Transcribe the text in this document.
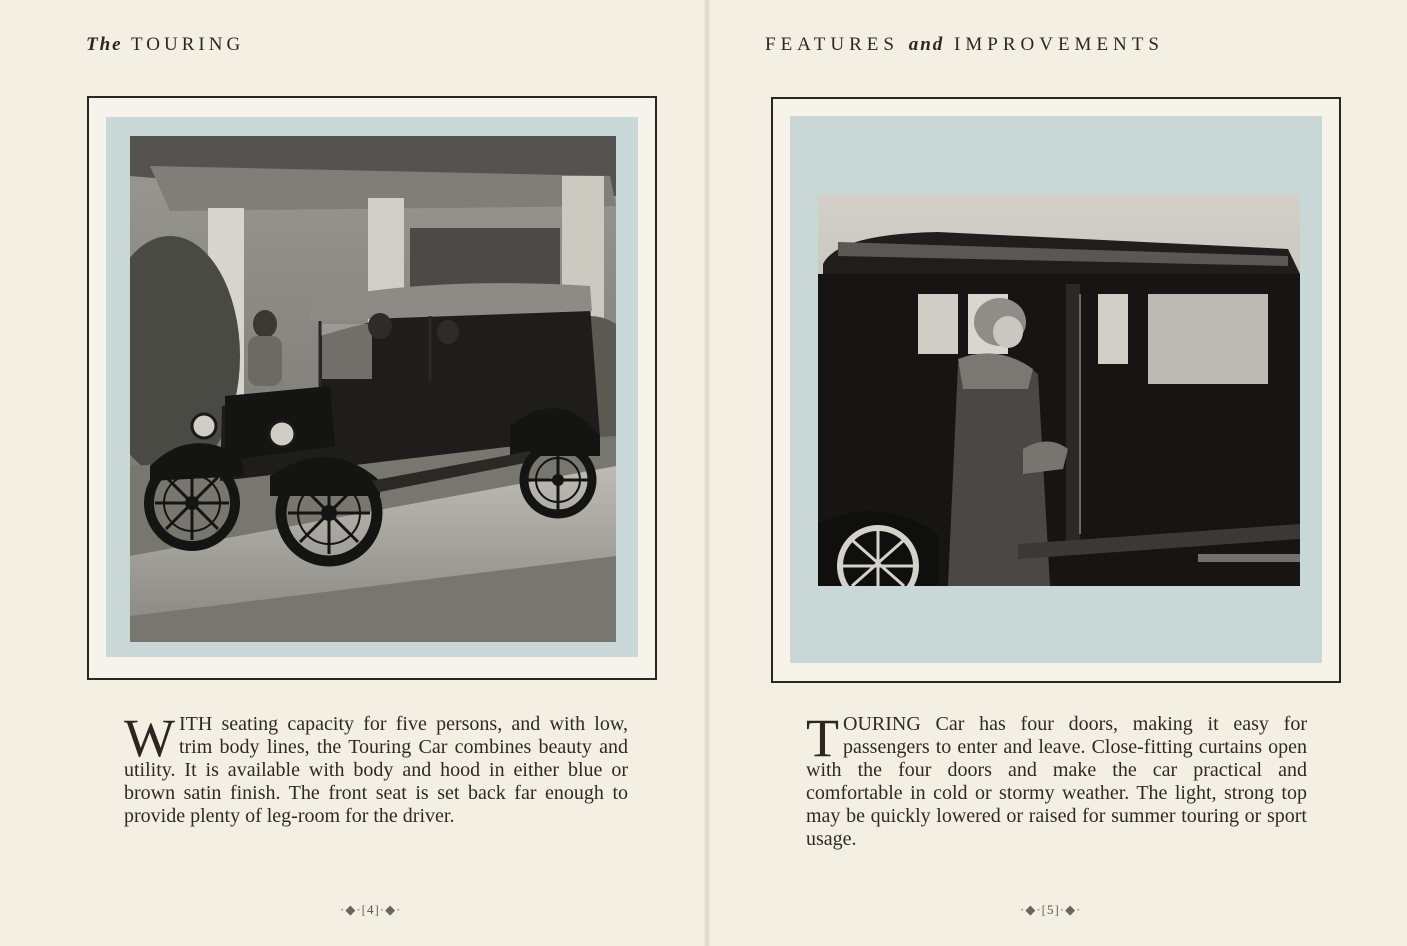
The TOURING
W ITH seating capacity for five persons, and with low, trim body lines, the Touring Car combines beauty and utility. It is available with body and hood in either blue or brown satin finish. The front seat is set back far enough to provide plenty of leg-room for the driver.
·◆·[4]·◆·
FEATURES and IMPROVEMENTS
T OURING Car has four doors, making it easy for passengers to enter and leave. Close-fitting curtains open with the four doors and make the car practical and comfortable in cold or stormy weather. The light, strong top may be quickly lowered or raised for summer touring or sport usage.
·◆·[5]·◆·
